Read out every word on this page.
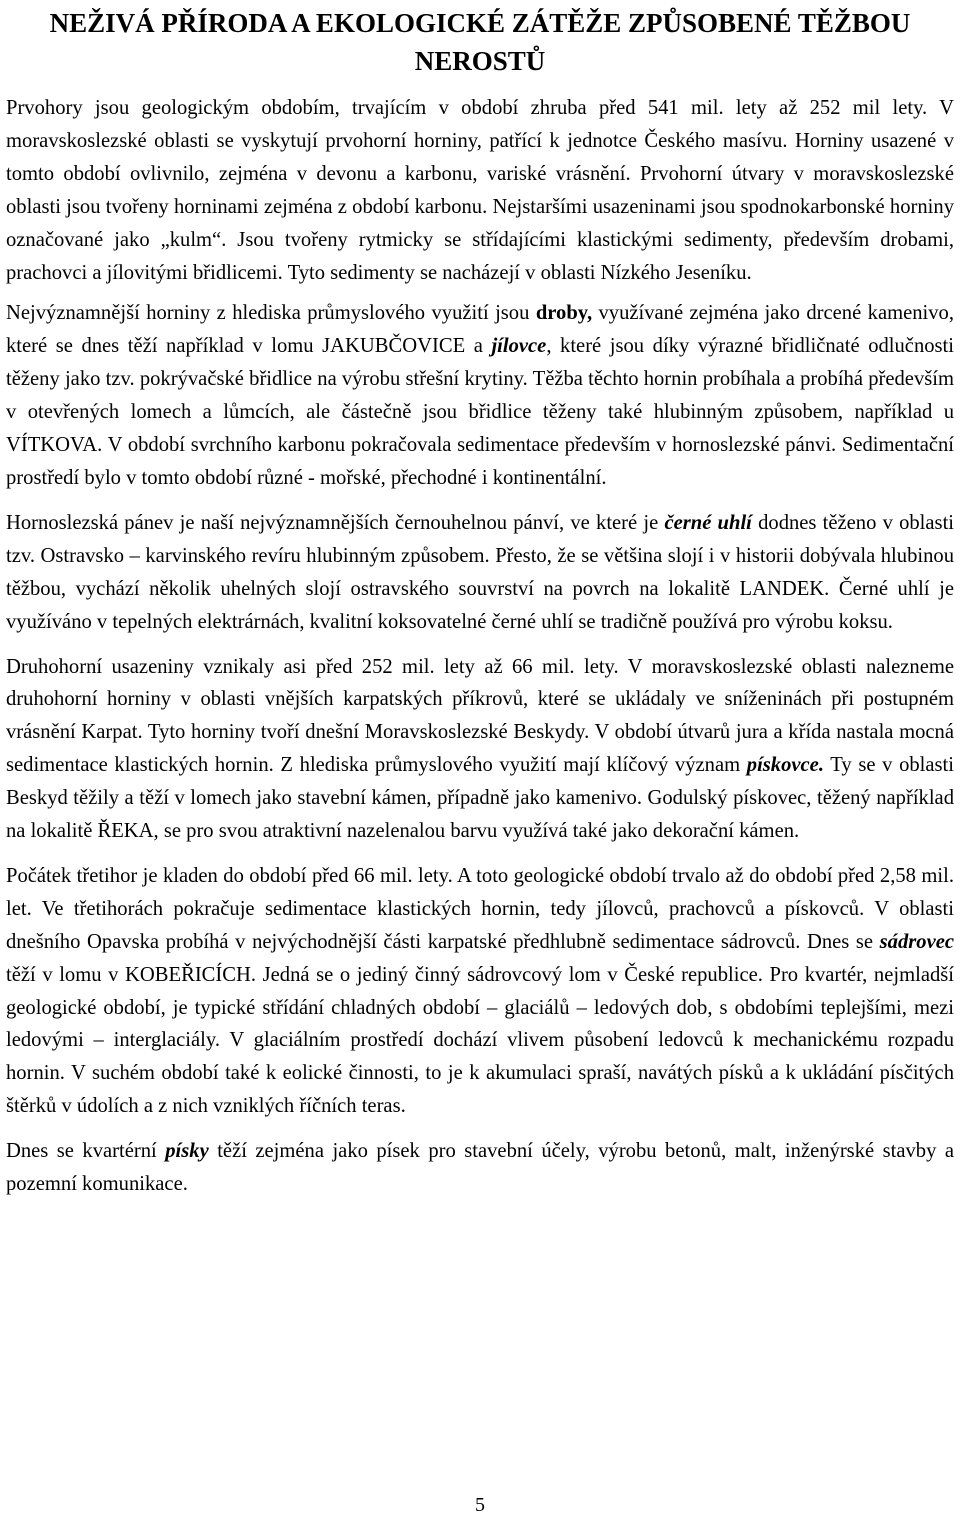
NEŽIVÁ PŘÍRODA A EKOLOGICKÉ ZÁTĚŽE ZPŮSOBENÉ TĚŽBOU
NEROSTŮ

Prvohory jsou geologickým obdobím, trvajícím v období zhruba před 541 mil. lety až 252 mil lety. V moravskoslezské oblasti se vyskytují prvohorní horniny, patřící k jednotce Českého masívu. Horniny usazené v tomto období ovlivnilo, zejména v devonu a karbonu, variské vrásnění. Prvohorní útvary v moravskoslezské oblasti jsou tvořeny horninami zejména z období karbonu. Nejstaršími usazeninami jsou spodnokarbonské horniny označované jako „kulm“. Jsou tvořeny rytmicky se střídajícími klastickými sedimenty, především drobami, prachovci a jílovitými břidlicemi. Tyto sedimenty se nacházejí v oblasti Nízkého Jeseníku.

Nejvýznamnější horniny z hlediska průmyslového využití jsou droby, využívané zejména jako drcené kamenivo, které se dnes těží například v lomu JAKUBČOVICE a jílovce, které jsou díky výrazné břidličnaté odlučnosti těženy jako tzv. pokrývačské břidlice na výrobu střešní krytiny. Těžba těchto hornin probíhala a probíhá především v otevřených lomech a lůmcích, ale částečně jsou břidlice těženy také hlubinným způsobem, například u VÍTKOVA. V období svrchního karbonu pokračovala sedimentace především v hornoslezské pánvi. Sedimentační prostředí bylo v tomto období různé - mořské, přechodné i kontinentální.

Hornoslezská pánev je naší nejvýznamnějších černouhelnou pánví, ve které je černé uhlí dodnes těženo v oblasti tzv. Ostravsko – karvinského revíru hlubinným způsobem. Přesto, že se většina slojí i v historii dobývala hlubinou těžbou, vychází několik uhelných slojí ostravského souvrství na povrch na lokalitě LANDEK. Černé uhlí je využíváno v tepelných elektrárnách, kvalitní koksovatelné černé uhlí se tradičně používá pro výrobu koksu.

Druhohorní usazeniny vznikaly asi před 252 mil. lety až 66 mil. lety. V moravskoslezské oblasti nalezneme druhohorní horniny v oblasti vnějších karpatských příkrovů, které se ukládaly ve sníženinách při postupném vrásnění Karpat. Tyto horniny tvoří dnešní Moravskoslezské Beskydy. V období útvarů jura a křída nastala mocná sedimentace klastických hornin. Z hlediska průmyslového využití mají klíčový význam pískovce. Ty se v oblasti Beskyd těžily a těží v lomech jako stavební kámen, případně jako kamenivo. Godulský pískovec, těžený například na lokalitě ŘEKA, se pro svou atraktivní nazelenalou barvu využívá také jako dekorační kámen.

Počátek třetihor je kladen do období před 66 mil. lety. A toto geologické období trvalo až do období před 2,58 mil. let. Ve třetihorách pokračuje sedimentace klastických hornin, tedy jílovců, prachovců a pískovců. V oblasti dnešního Opavska probíhá v nejvýchodnější části karpatské předhlubně sedimentace sádrovců. Dnes se sádrovec těží v lomu v KOBEŘICÍCH. Jedná se o jediný činný sádrovcový lom v České republice. Pro kvartér, nejmladší geologické období, je typické střídání chladných období – glaciálů – ledových dob, s obdobími teplejšími, mezi ledovými – interglaciály. V glaciálním prostředí dochází vlivem působení ledovců k mechanickému rozpadu hornin. V suchém období také k eolické činnosti, to je k akumulaci spraší, navátých písků a k ukládání písčitých štěrků v údolích a z nich vzniklých říčních teras.

Dnes se kvartérní písky těží zejména jako písek pro stavební účely, výrobu betonů, malt, inženýrské stavby a pozemní komunikace.

5
